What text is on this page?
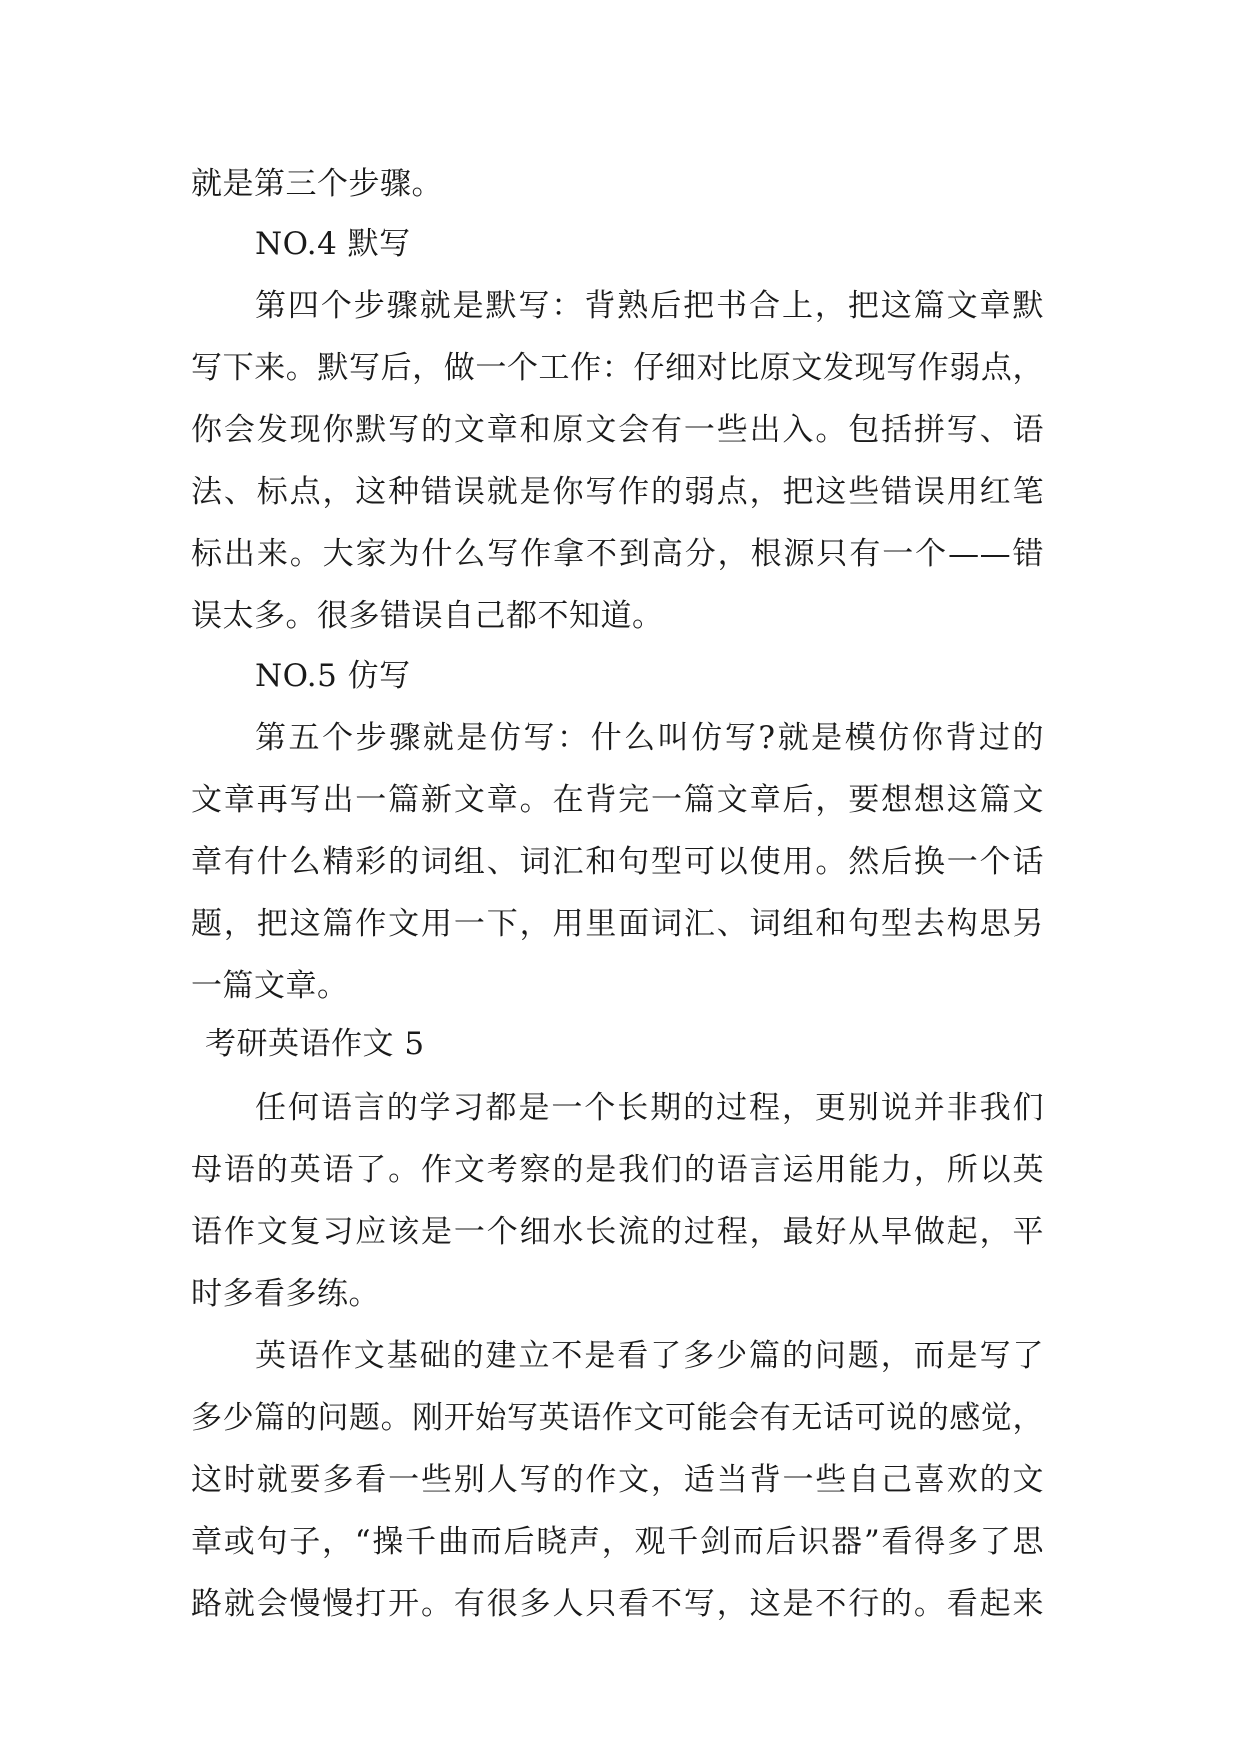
就是第三个步骤。
NO.4 默写
第四个步骤就是默写：背熟后把书合上，把这篇文章默
写下来。默写后，做一个工作：仔细对比原文发现写作弱点，
你会发现你默写的文章和原文会有一些出入。包括拼写、语
法、标点，这种错误就是你写作的弱点，把这些错误用红笔
标出来。大家为什么写作拿不到高分，根源只有一个——错
误太多。很多错误自己都不知道。
NO.5 仿写
第五个步骤就是仿写：什么叫仿写?就是模仿你背过的
文章再写出一篇新文章。在背完一篇文章后，要想想这篇文
章有什么精彩的词组、词汇和句型可以使用。然后换一个话
题，把这篇作文用一下，用里面词汇、词组和句型去构思另
一篇文章。
考研英语作文 5
任何语言的学习都是一个长期的过程，更别说并非我们
母语的英语了。作文考察的是我们的语言运用能力，所以英
语作文复习应该是一个细水长流的过程，最好从早做起，平
时多看多练。
英语作文基础的建立不是看了多少篇的问题，而是写了
多少篇的问题。刚开始写英语作文可能会有无话可说的感觉，
这时就要多看一些别人写的作文，适当背一些自己喜欢的文
章或句子，“操千曲而后晓声，观千剑而后识器”看得多了思
路就会慢慢打开。有很多人只看不写，这是不行的。看起来
